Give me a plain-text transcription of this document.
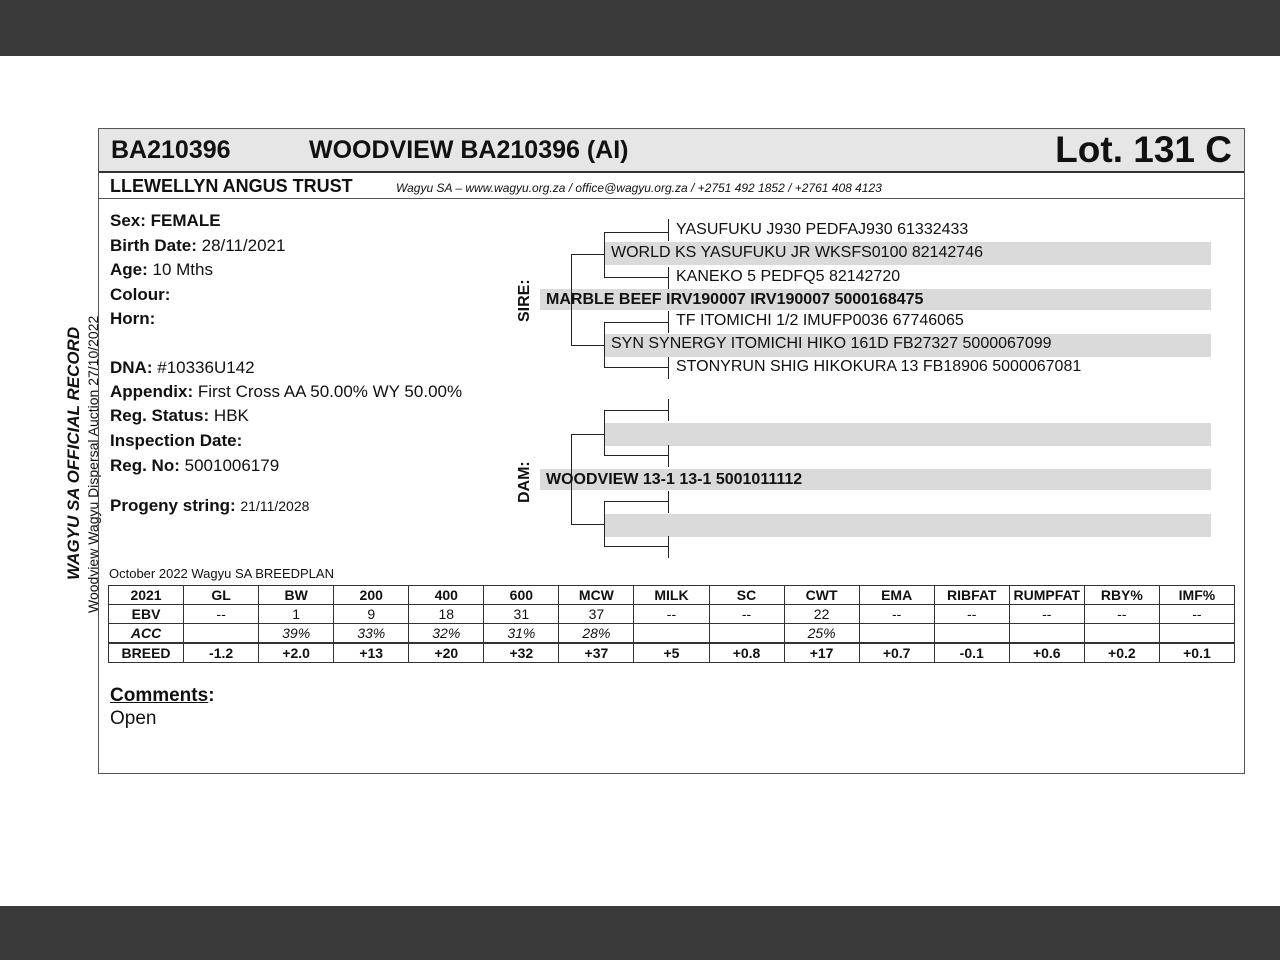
WAGYU SA OFFICIAL RECORD Woodview Wagyu Dispersal Auction 27/10/2022
BA210396	WOODVIEW BA210396 (AI)	Lot. 131 C
LLEWELLYN ANGUS TRUST	Wagyu SA – www.wagyu.org.za / office@wagyu.org.za / +2751 492 1852 / +2761 408 4123
Sex: FEMALE
Birth Date: 28/11/2021
Age: 10 Mths
Colour:
Horn:
DNA: #10336U142
Appendix: First Cross AA 50.00% WY 50.00%
Reg. Status: HBK
Inspection Date:
Reg. No: 5001006179
Progeny string: 21/11/2028
SIRE:
DAM:
YASUFUKU J930 PEDFAJ930 61332433
WORLD KS YASUFUKU JR WKSFS0100 82142746
KANEKO 5 PEDFQ5 82142720
MARBLE BEEF IRV190007 IRV190007 5000168475
TF ITOMICHI 1/2 IMUFP0036 67746065
SYN SYNERGY ITOMICHI HIKO 161D FB27327 5000067099
STONYRUN SHIG HIKOKURA 13 FB18906 5000067081
WOODVIEW 13-1 13-1 5001011112
October 2022 Wagyu SA BREEDPLAN
2021	GL	BW	200	400	600	MCW	MILK	SC	CWT	EMA	RIBFAT	RUMPFAT	RBY%	IMF%
EBV	--	1	9	18	31	37	--	--	22	--	--	--	--	--
ACC		39%	33%	32%	31%	28%			25%					
BREED	-1.2	+2.0	+13	+20	+32	+37	+5	+0.8	+17	+0.7	-0.1	+0.6	+0.2	+0.1
Comments:
Open
